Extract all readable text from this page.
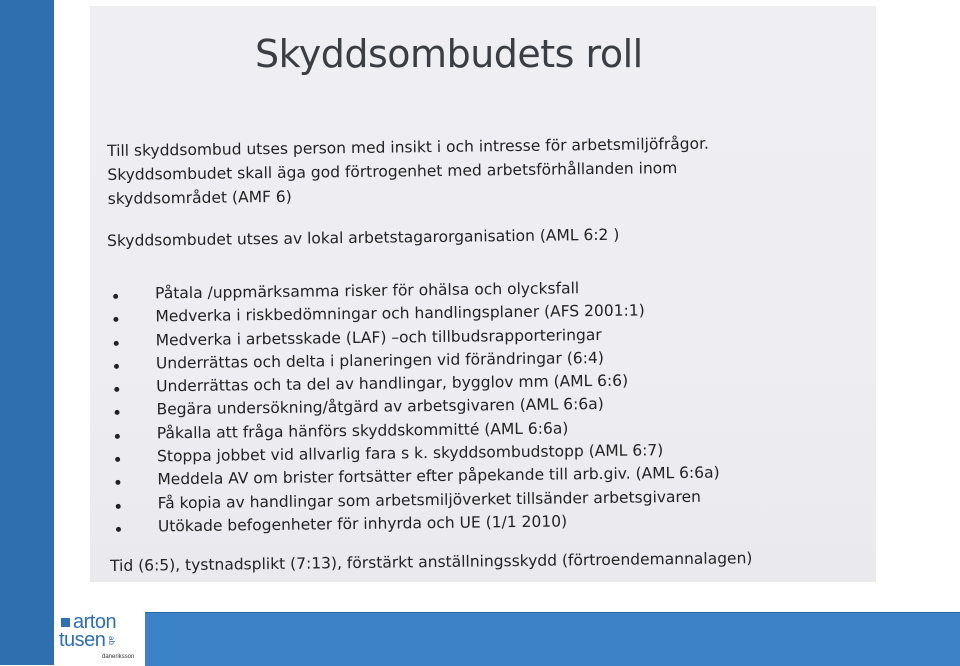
Skyddsombudets roll
Till skyddsombud utses person med insikt i och intresse för arbetsmiljöfrågor.
Skyddsombudet skall äga god förtrogenhet med arbetsförhållanden inom
skyddsområdet (AMF 6)
Skyddsombudet utses av lokal arbetstagarorganisation (AML 6:2 )
Påtala /uppmärksamma risker för ohälsa och olycksfall
Medverka i riskbedömningar och handlingsplaner (AFS 2001:1)
Medverka i arbetsskade (LAF) –och tillbudsrapporteringar
Underrättas och delta i planeringen vid förändringar (6:4)
Underrättas och ta del av handlingar, bygglov mm (AML 6:6)
Begära undersökning/åtgärd av arbetsgivaren (AML 6:6a)
Påkalla att fråga hänförs skyddskommitté (AML 6:6a)
Stoppa jobbet vid allvarlig fara s k. skyddsombudstopp (AML 6:7)
Meddela AV om brister fortsätter efter påpekande till arb.giv. (AML 6:6a)
Få kopia av handlingar som arbetsmiljöverket tillsänder arbetsgivaren
Utökade befogenheter för inhyrda och UE (1/1 2010)
Tid (6:5), tystnadsplikt (7:13), förstärkt anställningsskydd (förtroendemannalagen)
arton
tusen ab
danerikssоn
